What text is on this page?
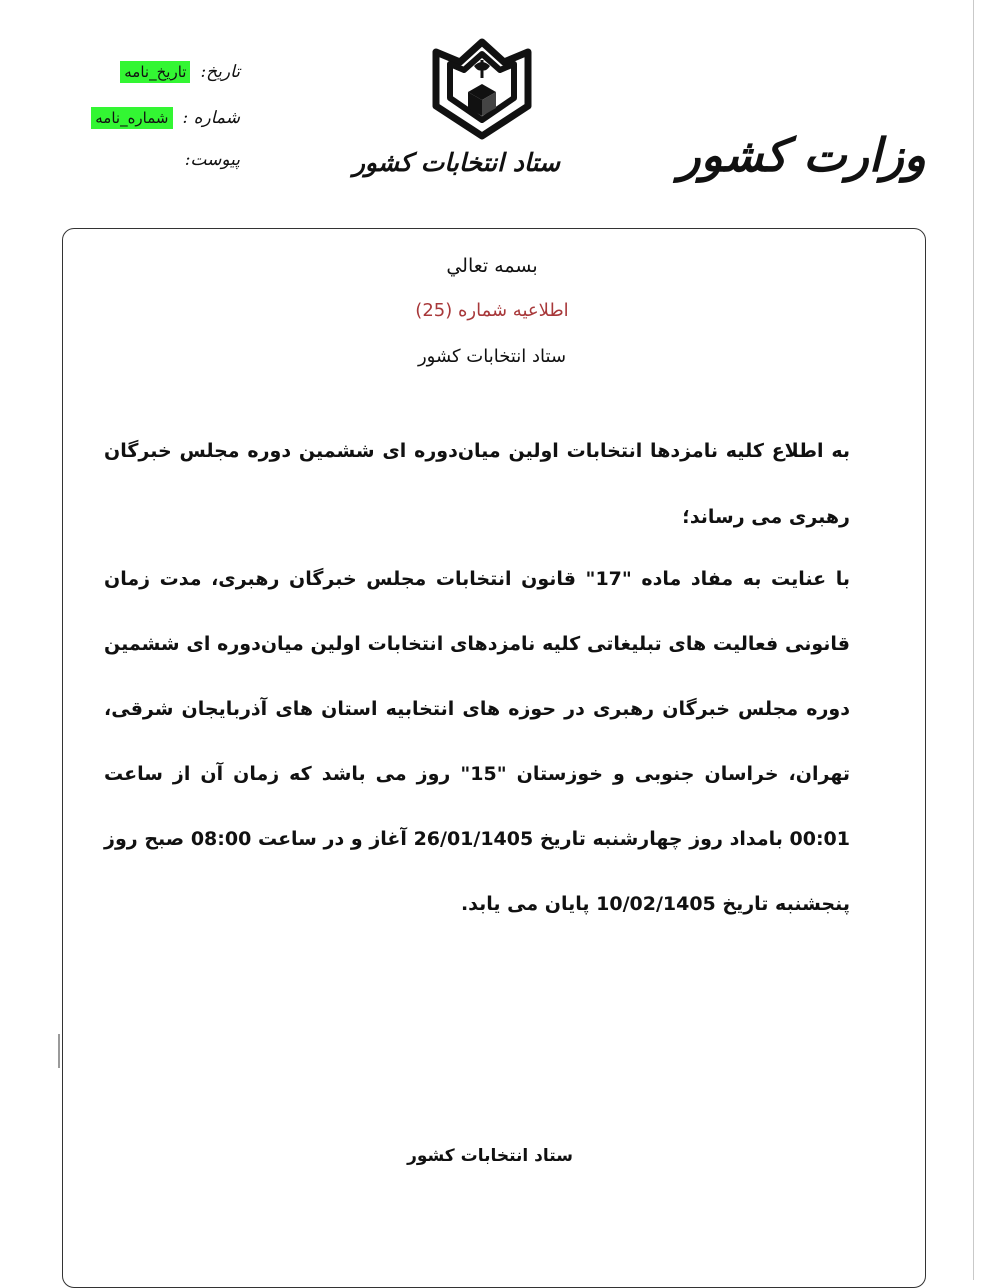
وزارت کشور
ستاد انتخابات کشور
تاریخ:
تاریخ_نامه
شماره :
شماره_نامه
پیوست:
بسمه تعالي
اطلاعیه شماره (25)
ستاد انتخابات کشور
به اطلاع كليه نامزدها انتخابات اولين ميان‌دوره ای ششمين دوره مجلس خبرگان رهبری می رساند؛
با عنايت به مفاد ماده "17" قانون انتخابات مجلس خبرگان رهبری، مدت زمان قانونی فعاليت های تبليغاتی کليه نامزدهای انتخابات اولين ميان‌دوره ای ششمين دوره مجلس خبرگان رهبری در حوزه های انتخابيه استان های آذربايجان شرقی، تهران، خراسان جنوبی و خوزستان "15" روز می باشد که زمان آن از ساعت 00:01 بامداد روز چهارشنبه تاريخ 26/01/1405 آغاز و در ساعت 08:00 صبح روز پنجشنبه تاريخ 10/02/1405 پايان می يابد.
ستاد انتخابات کشور
